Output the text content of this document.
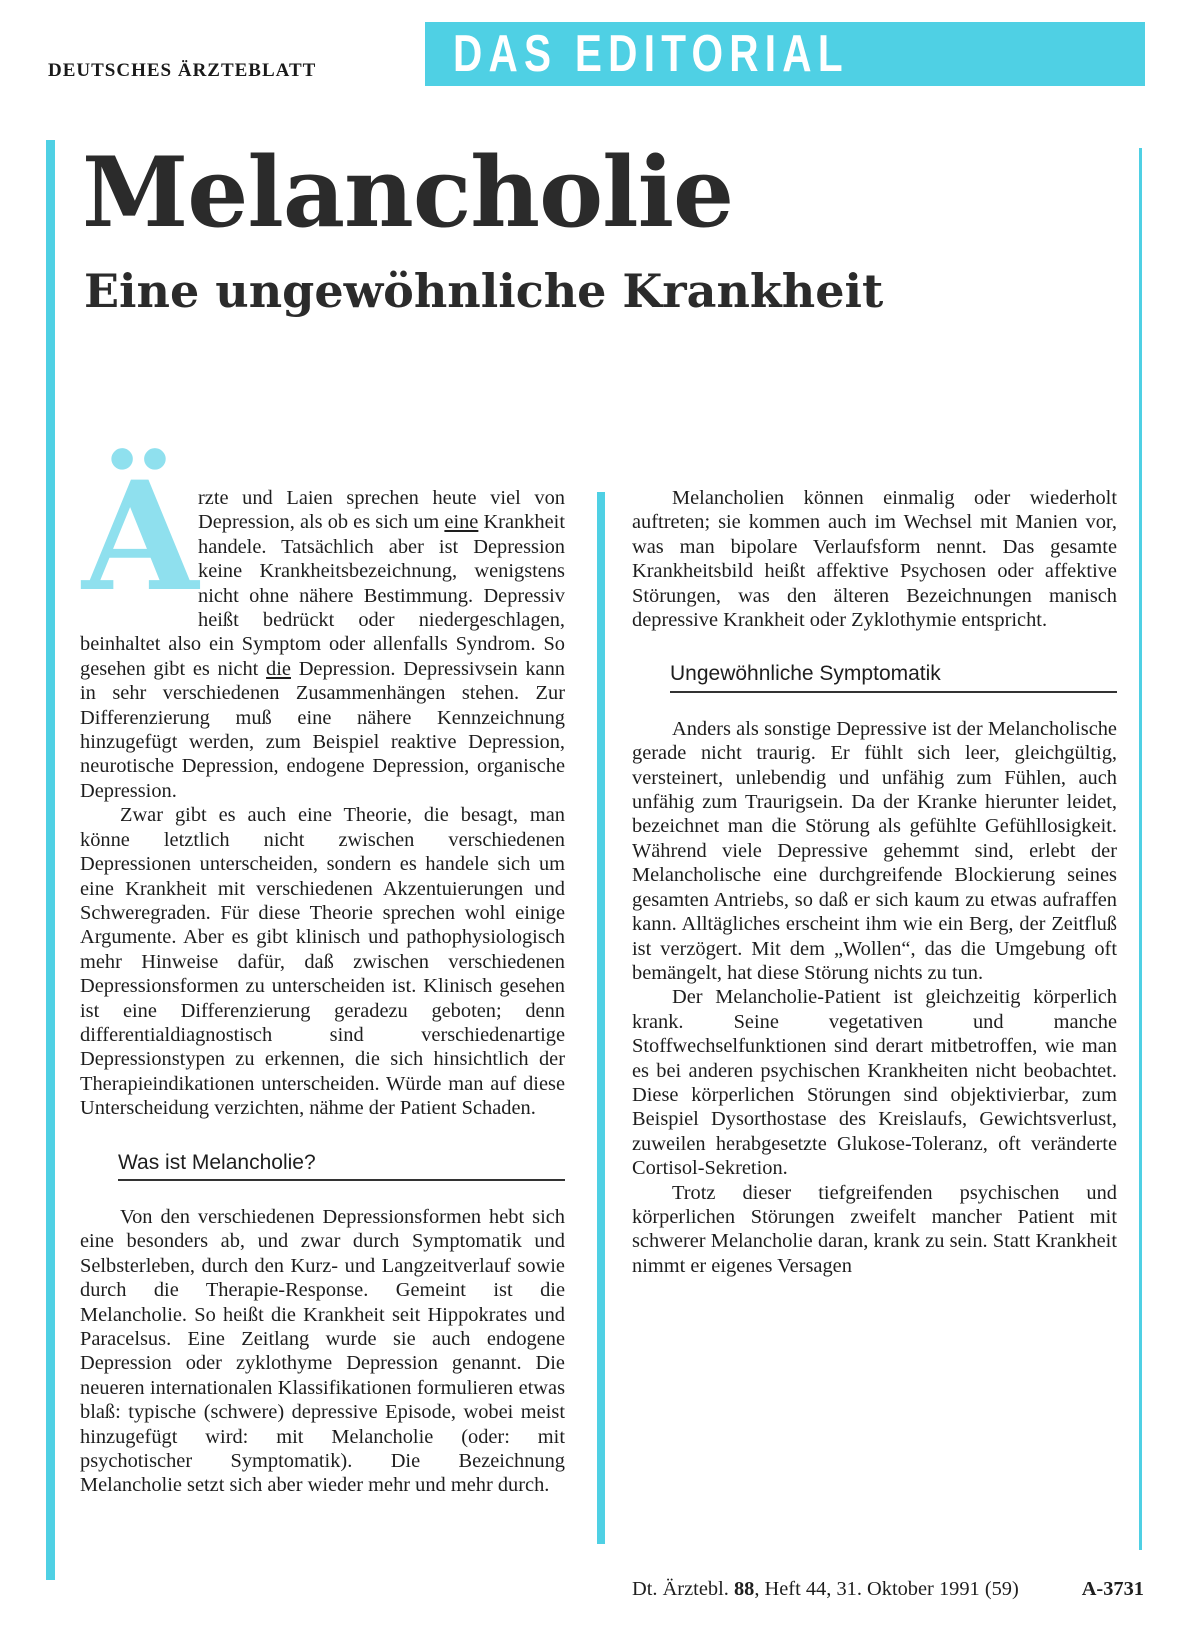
DEUTSCHES ÄRZTEBLATT	DAS EDITORIAL
Melancholie
Eine ungewöhnliche Krankheit

Ä rzte und Laien sprechen heute viel von Depression, als ob es sich um eine Krankheit handele. Tatsächlich aber ist Depression keine Krankheitsbezeichnung, wenigstens nicht ohne nähere Bestimmung. Depressiv heißt bedrückt oder niedergeschlagen, beinhaltet also ein Symptom oder allenfalls Syndrom. So gesehen gibt es nicht die Depression. Depressivsein kann in sehr verschiedenen Zusammenhängen stehen. Zur Differenzierung muß eine nähere Kennzeichnung hinzugefügt werden, zum Beispiel reaktive Depression, neurotische Depression, endogene Depression, organische Depression.

Zwar gibt es auch eine Theorie, die besagt, man könne letztlich nicht zwischen verschiedenen Depressionen unterscheiden, sondern es handele sich um eine Krankheit mit verschiedenen Akzentuierungen und Schweregraden. Für diese Theorie sprechen wohl einige Argumente. Aber es gibt klinisch und pathophysiologisch mehr Hinweise dafür, daß zwischen verschiedenen Depressionsformen zu unterscheiden ist. Klinisch gesehen ist eine Differenzierung geradezu geboten; denn differentialdiagnostisch sind verschiedenartige Depressionstypen zu erkennen, die sich hinsichtlich der Therapieindikationen unterscheiden. Würde man auf diese Unterscheidung verzichten, nähme der Patient Schaden.

Was ist Melancholie?

Von den verschiedenen Depressionsformen hebt sich eine besonders ab, und zwar durch Symptomatik und Selbsterleben, durch den Kurz- und Langzeitverlauf sowie durch die Therapie-Response. Gemeint ist die Melancholie. So heißt die Krankheit seit Hippokrates und Paracelsus. Eine Zeitlang wurde sie auch endogene Depression oder zyklothyme Depression genannt. Die neueren internationalen Klassifikationen formulieren etwas blaß: typische (schwere) depressive Episode, wobei meist hinzugefügt wird: mit Melancholie (oder: mit psychotischer Symptomatik). Die Bezeichnung Melancholie setzt sich aber wieder mehr und mehr durch.

Melancholien können einmalig oder wiederholt auftreten; sie kommen auch im Wechsel mit Manien vor, was man bipolare Verlaufsform nennt. Das gesamte Krankheitsbild heißt affektive Psychosen oder affektive Störungen, was den älteren Bezeichnungen manisch depressive Krankheit oder Zyklothymie entspricht.

Ungewöhnliche Symptomatik

Anders als sonstige Depressive ist der Melancholische gerade nicht traurig. Er fühlt sich leer, gleichgültig, versteinert, unlebendig und unfähig zum Fühlen, auch unfähig zum Traurigsein. Da der Kranke hierunter leidet, bezeichnet man die Störung als gefühlte Gefühllosigkeit. Während viele Depressive gehemmt sind, erlebt der Melancholische eine durchgreifende Blockierung seines gesamten Antriebs, so daß er sich kaum zu etwas aufraffen kann. Alltägliches erscheint ihm wie ein Berg, der Zeitfluß ist verzögert. Mit dem „Wollen“, das die Umgebung oft bemängelt, hat diese Störung nichts zu tun.

Der Melancholie-Patient ist gleichzeitig körperlich krank. Seine vegetativen und manche Stoffwechselfunktionen sind derart mitbetroffen, wie man es bei anderen psychischen Krankheiten nicht beobachtet. Diese körperlichen Störungen sind objektivierbar, zum Beispiel Dysorthostase des Kreislaufs, Gewichtsverlust, zuweilen herabgesetzte Glukose-Toleranz, oft veränderte Cortisol-Sekretion.

Trotz dieser tiefgreifenden psychischen und körperlichen Störungen zweifelt mancher Patient mit schwerer Melancholie daran, krank zu sein. Statt Krankheit nimmt er eigenes Versagen

Dt. Ärztebl. 88, Heft 44, 31. Oktober 1991 (59)	A-3731
